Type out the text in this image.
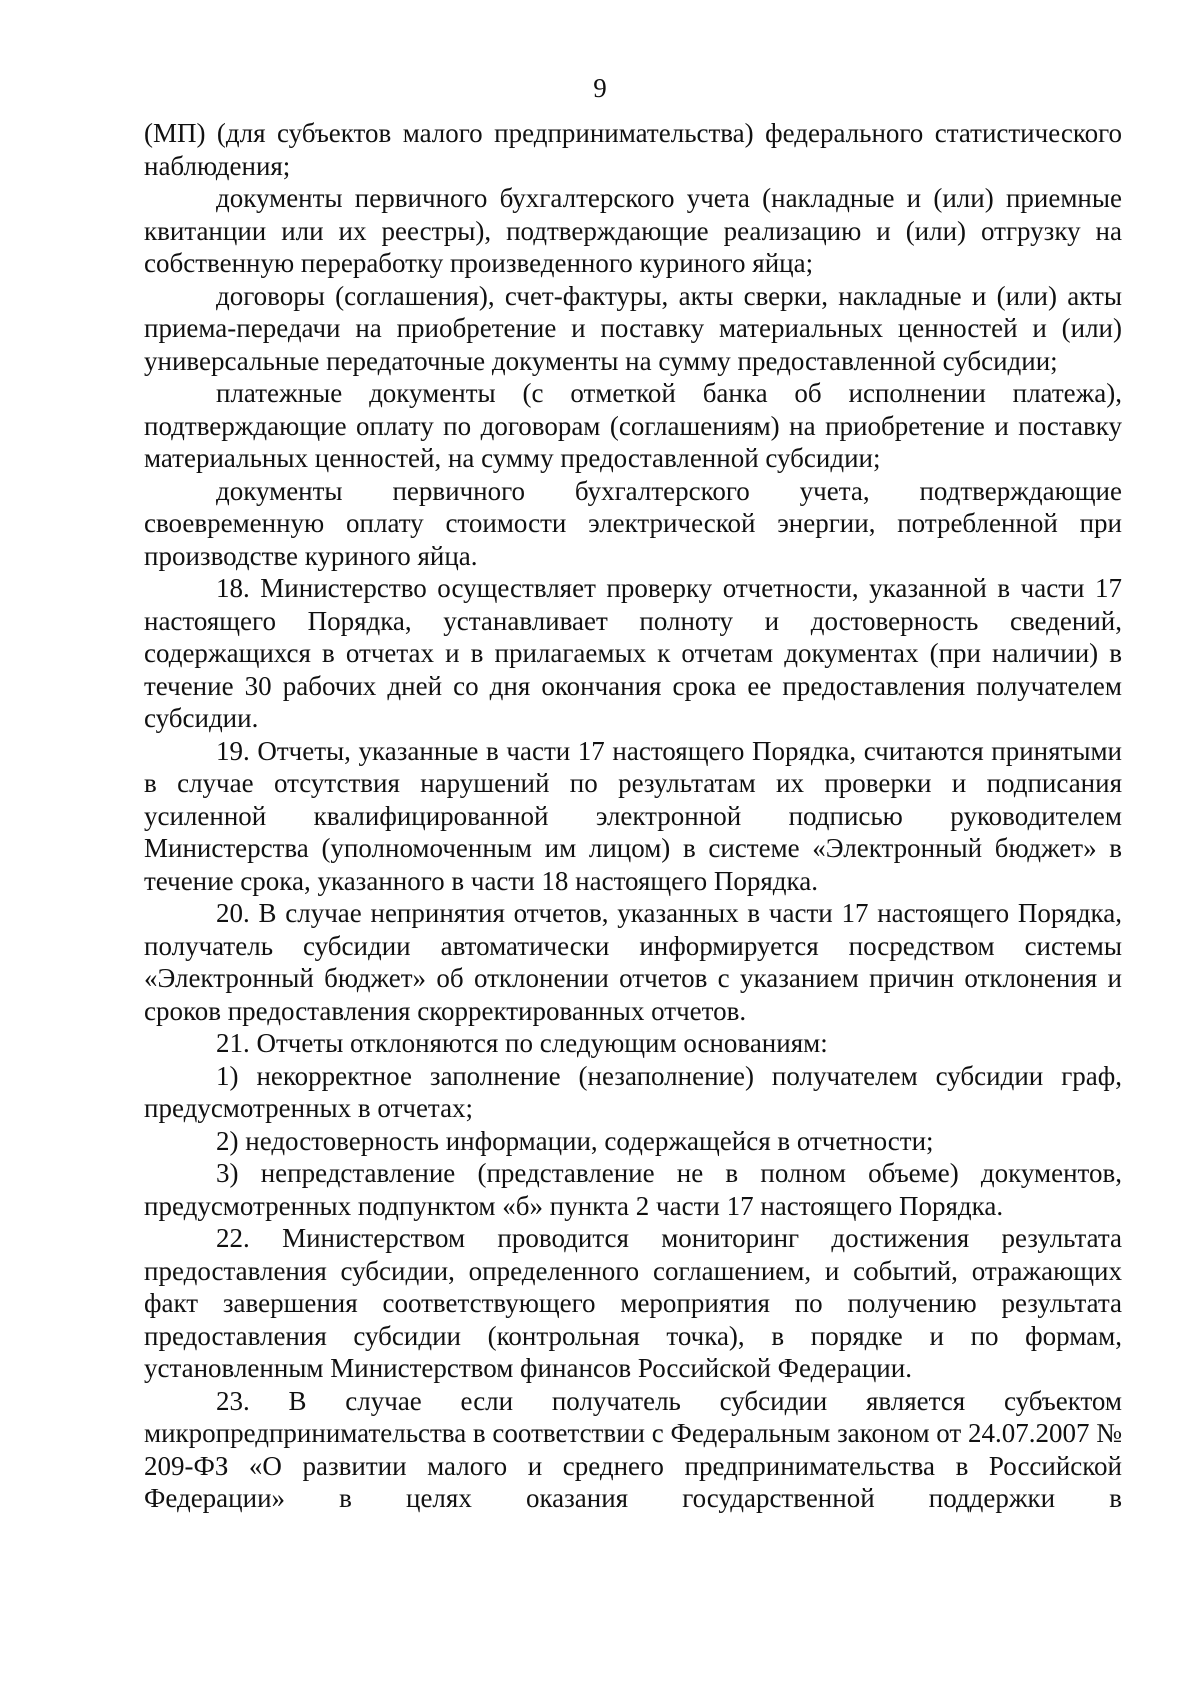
9

(МП) (для субъектов малого предпринимательства) федерального статистического наблюдения;

документы первичного бухгалтерского учета (накладные и (или) приемные квитанции или их реестры), подтверждающие реализацию и (или) отгрузку на собственную переработку произведенного куриного яйца;

договоры (соглашения), счет-фактуры, акты сверки, накладные и (или) акты приема-передачи на приобретение и поставку материальных ценностей и (или) универсальные передаточные документы на сумму предоставленной субсидии;

платежные документы (с отметкой банка об исполнении платежа), подтверждающие оплату по договорам (соглашениям) на приобретение и поставку материальных ценностей, на сумму предоставленной субсидии;

документы первичного бухгалтерского учета, подтверждающие своевременную оплату стоимости электрической энергии, потребленной при производстве куриного яйца.

18. Министерство осуществляет проверку отчетности, указанной в части 17 настоящего Порядка, устанавливает полноту и достоверность сведений, содержащихся в отчетах и в прилагаемых к отчетам документах (при наличии) в течение 30 рабочих дней со дня окончания срока ее предоставления получателем субсидии.

19. Отчеты, указанные в части 17 настоящего Порядка, считаются принятыми в случае отсутствия нарушений по результатам их проверки и подписания усиленной квалифицированной электронной подписью руководителем Министерства (уполномоченным им лицом) в системе «Электронный бюджет» в течение срока, указанного в части 18 настоящего Порядка.

20. В случае непринятия отчетов, указанных в части 17 настоящего Порядка, получатель субсидии автоматически информируется посредством системы «Электронный бюджет» об отклонении отчетов с указанием причин отклонения и сроков предоставления скорректированных отчетов.

21. Отчеты отклоняются по следующим основаниям:

1) некорректное заполнение (незаполнение) получателем субсидии граф, предусмотренных в отчетах;

2) недостоверность информации, содержащейся в отчетности;

3) непредставление (представление не в полном объеме) документов, предусмотренных подпунктом «б» пункта 2 части 17 настоящего Порядка.

22. Министерством проводится мониторинг достижения результата предоставления субсидии, определенного соглашением, и событий, отражающих факт завершения соответствующего мероприятия по получению результата предоставления субсидии (контрольная точка), в порядке и по формам, установленным Министерством финансов Российской Федерации.

23. В случае если получатель субсидии является субъектом микропредпринимательства в соответствии с Федеральным законом от 24.07.2007 № 209-ФЗ «О развитии малого и среднего предпринимательства в Российской Федерации» в целях оказания государственной поддержки в
